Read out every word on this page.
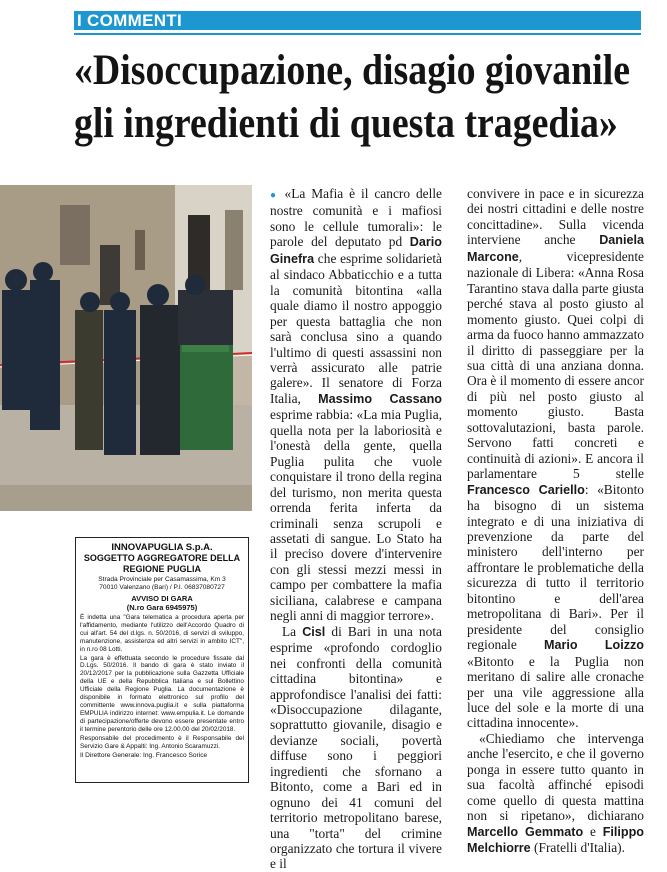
I COMMENTI
«Disoccupazione, disagio giovanile
gli ingredienti di questa tragedia»
INNOVAPUGLIA S.p.A.
SOGGETTO AGGREGATORE DELLA
REGIONE PUGLIA
Strada Provinciale per Casamassima, Km 3
70010 Valenzano (Bari) / P.I. 06837080727
AVVISO DI GARA
(N.ro Gara 6945975)

È indetta una "Gara telematica a procedura aperta per l'affidamento, mediante l'utilizzo dell'Accordo Quadro di cui all'art. 54 del d.lgs. n. 50/2016, di servizi di sviluppo, manutenzione, assistenza ed altri servizi in ambito ICT", in n.ro 08 Lotti.

La gara è effettuata secondo le procedure fissate dal D.Lgs. 50/2016. Il bando di gara è stato inviato il 20/12/2017 per la pubblicazione sulla Gazzetta Ufficiale della UE e della Repubblica Italiana e sul Bollettino Ufficiale della Regione Puglia. La documentazione è disponibile in formato elettronico sul profilo del committente www.innova.puglia.it e sulla piattaforma EMPULIA indirizzo internet: www.empulia.it. Le domande di partecipazione/offerte devono essere presentate entro il termine perentorio delle ore 12.00.00 del 20/02/2018.

Responsabile del procedimento è il Responsabile del Servizio Gare & Appalti: Ing. Antonio Scaramuzzi.

Il Direttore Generale: Ing. Francesco Sorice

● «La Mafia è il cancro delle nostre comunità e i mafiosi sono le cellule tumorali»: le parole del deputato pd Dario Ginefra che esprime solidarietà al sindaco Abbaticchio e a tutta la comunità bitontina «alla quale diamo il nostro appoggio per questa battaglia che non sarà conclusa sino a quando l'ultimo di questi assassini non verrà assicurato alle patrie galere». Il senatore di Forza Italia, Massimo Cassano esprime rabbia: «La mia Puglia, quella nota per la laboriosità e l'onestà della gente, quella Puglia pulita che vuole conquistare il trono della regina del turismo, non merita questa orrenda ferita inferta da criminali senza scrupoli e assetati di sangue. Lo Stato ha il preciso dovere d'intervenire con gli stessi mezzi messi in campo per combattere la mafia siciliana, calabrese e campana negli anni di maggior terrore».

La Cisl di Bari in una nota esprime «profondo cordoglio nei confronti della comunità cittadina bitontina» e approfondisce l'analisi dei fatti: «Disoccupazione dilagante, soprattutto giovanile, disagio e devianze sociali, povertà diffuse sono i peggiori ingredienti che sfornano a Bitonto, come a Bari ed in ognuno dei 41 comuni del territorio metropolitano barese, una "torta" del crimine organizzato che tortura il vivere e il

convivere in pace e in sicurezza dei nostri cittadini e delle nostre concittadine». Sulla vicenda interviene anche Daniela Marcone, vicepresidente nazionale di Libera: «Anna Rosa Tarantino stava dalla parte giusta perché stava al posto giusto al momento giusto. Quei colpi di arma da fuoco hanno ammazzato il diritto di passeggiare per la sua città di una anziana donna. Ora è il momento di essere ancor di più nel posto giusto al momento giusto. Basta sottovalutazioni, basta parole. Servono fatti concreti e continuità di azioni». E ancora il parlamentare 5 stelle Francesco Cariello: «Bitonto ha bisogno di un sistema integrato e di una iniziativa di prevenzione da parte del ministero dell'interno per affrontare le problematiche della sicurezza di tutto il territorio bitontino e dell'area metropolitana di Bari». Per il presidente del consiglio regionale Mario Loizzo «Bitonto e la Puglia non meritano di salire alle cronache per una vile aggressione alla luce del sole e la morte di una cittadina innocente».

«Chiediamo che intervenga anche l'esercito, e che il governo ponga in essere tutto quanto in sua facoltà affinché episodi come quello di questa mattina non si ripetano», dichiarano Marcello Gemmato e Filippo Melchiorre (Fratelli d'Italia).
